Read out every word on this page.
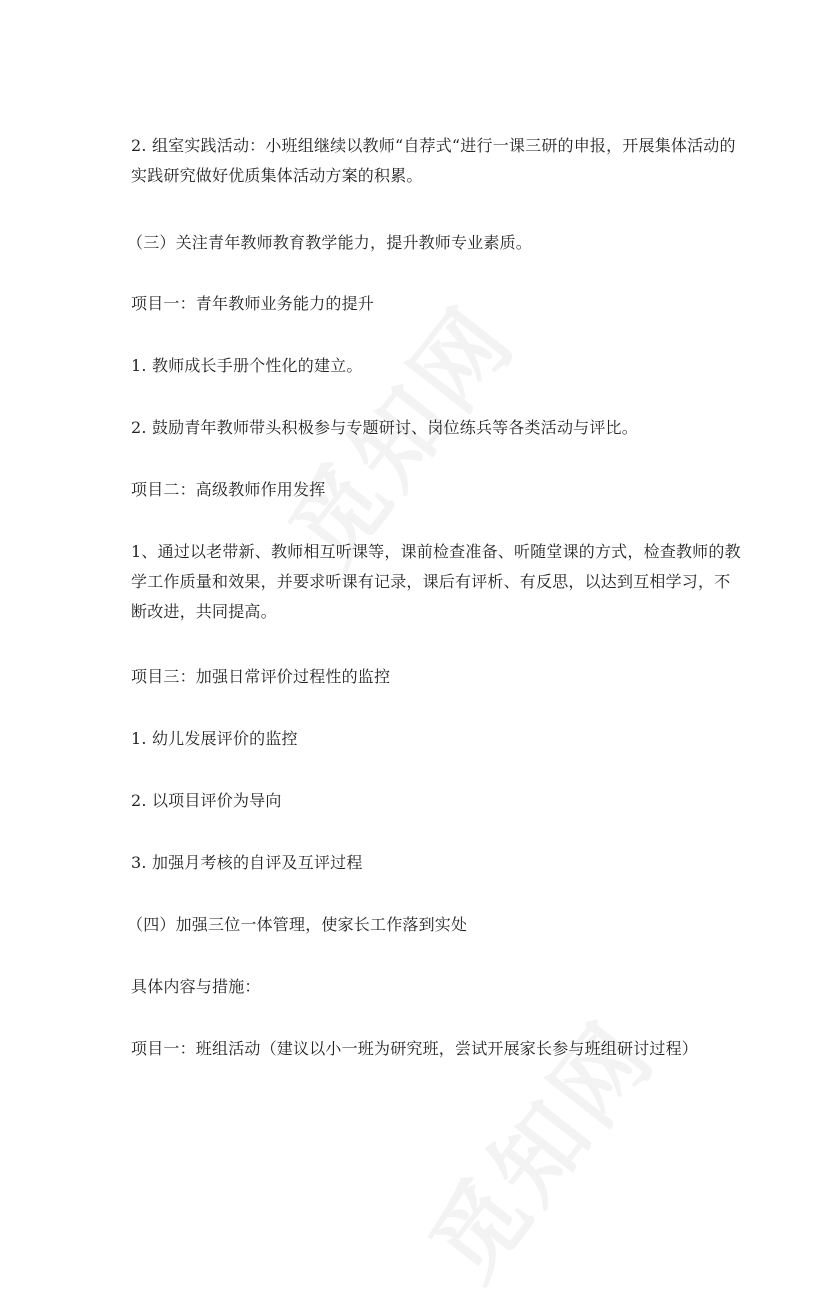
2. 组室实践活动：小班组继续以教师“自荐式“进行一课三研的申报，开展集体活动的实践研究做好优质集体活动方案的积累。
（三）关注青年教师教育教学能力，提升教师专业素质。
项目一：青年教师业务能力的提升
1. 教师成长手册个性化的建立。
2. 鼓励青年教师带头积极参与专题研讨、岗位练兵等各类活动与评比。
项目二：高级教师作用发挥
1、通过以老带新、教师相互听课等，课前检查准备、听随堂课的方式，检查教师的教学工作质量和效果，并要求听课有记录，课后有评析、有反思，以达到互相学习，不断改进，共同提高。
项目三：加强日常评价过程性的监控
1. 幼儿发展评价的监控
2. 以项目评价为导向
3. 加强月考核的自评及互评过程
（四）加强三位一体管理，使家长工作落到实处
具体内容与措施：
项目一：班组活动（建议以小一班为研究班，尝试开展家长参与班组研讨过程）
